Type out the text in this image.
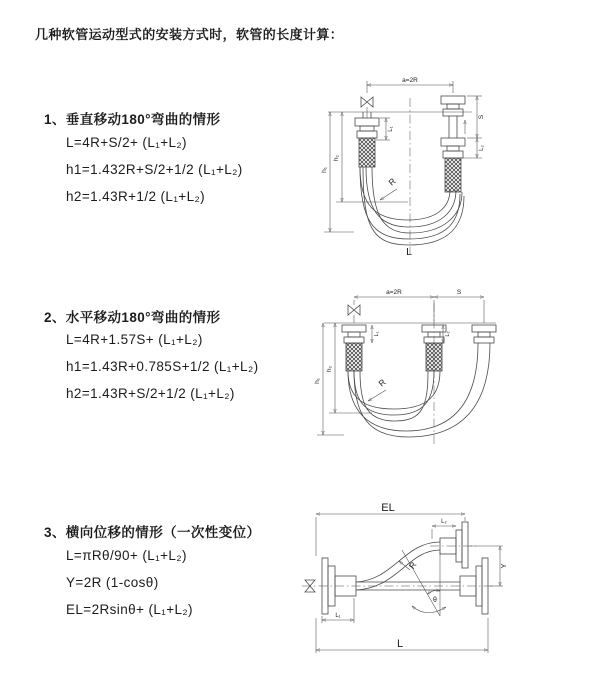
几种软管运动型式的安装方式时，软管的长度计算：
1、垂直移动180°弯曲的情形
L=4R+S/2+ (L₁+L₂)
h1=1.432R+S/2+1/2 (L₁+L₂)
h2=1.43R+1/2 (L₁+L₂)
2、水平移动180°弯曲的情形
L=4R+1.57S+ (L₁+L₂)
h1=1.43R+0.785S+1/2 (L₁+L₂)
h2=1.43R+S/2+1/2 (L₁+L₂)
3、横向位移的情形（一次性变位）
L=πRθ/90+ (L₁+L₂)
Y=2R (1-cosθ)
EL=2Rsinθ+ (L₁+L₂)
a=2R
L₁
S
L₂
h₁
h₂
R
L
a=2R	S
L₁	L₂
h₁
h₂
R
EL
L₂
Y
R
θ
L
L₁
